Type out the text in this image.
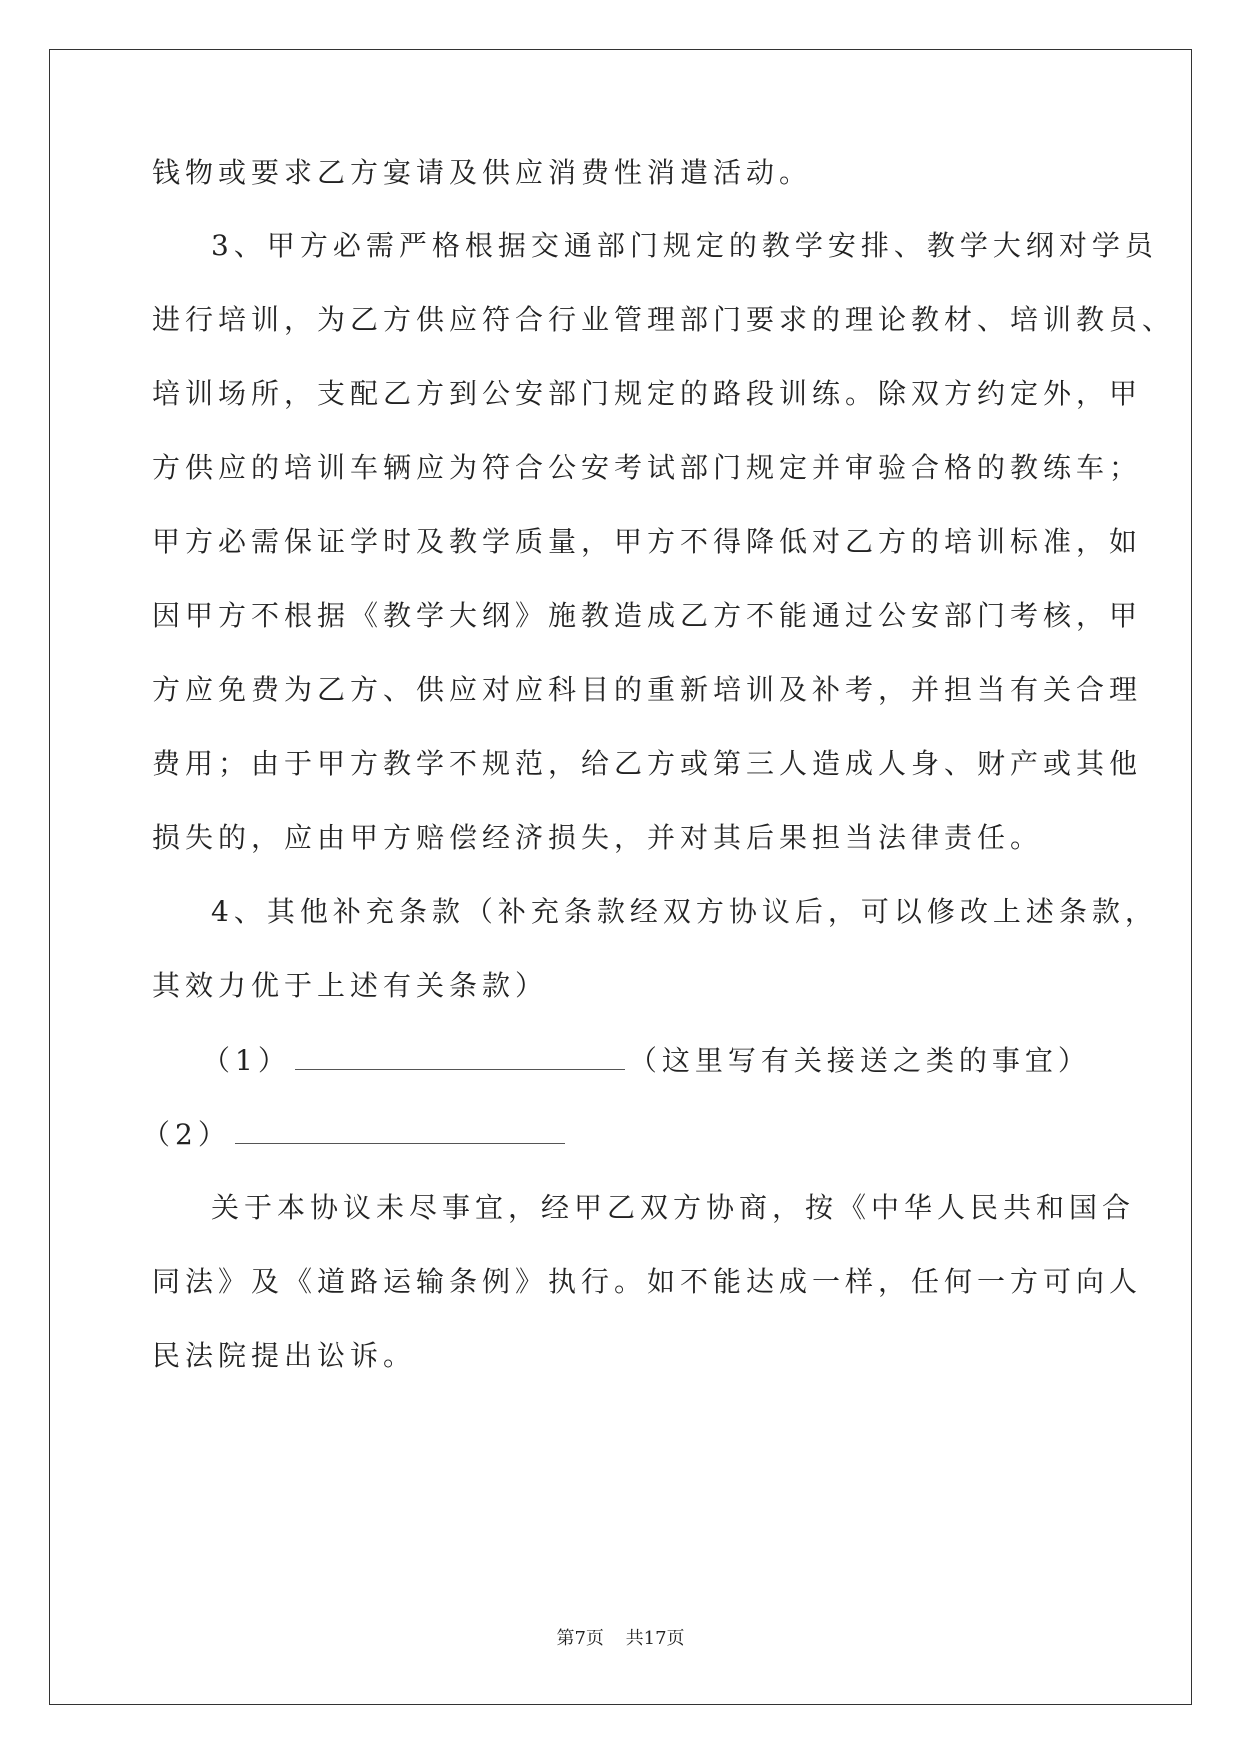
钱物或要求乙方宴请及供应消费性消遣活动。
3、甲方必需严格根据交通部门规定的教学安排、教学大纲对学员
进行培训，为乙方供应符合行业管理部门要求的理论教材、培训教员、
培训场所，支配乙方到公安部门规定的路段训练。除双方约定外，甲
方供应的培训车辆应为符合公安考试部门规定并审验合格的教练车；
甲方必需保证学时及教学质量，甲方不得降低对乙方的培训标准，如
因甲方不根据《教学大纲》施教造成乙方不能通过公安部门考核，甲
方应免费为乙方、供应对应科目的重新培训及补考，并担当有关合理
费用；由于甲方教学不规范，给乙方或第三人造成人身、财产或其他
损失的，应由甲方赔偿经济损失，并对其后果担当法律责任。
4、其他补充条款（补充条款经双方协议后，可以修改上述条款，
其效力优于上述有关条款）
（1）	（这里写有关接送之类的事宜）
（2）
关于本协议未尽事宜，经甲乙双方协商，按《中华人民共和国合
同法》及《道路运输条例》执行。如不能达成一样，任何一方可向人
民法院提出讼诉。
第7页 共17页
